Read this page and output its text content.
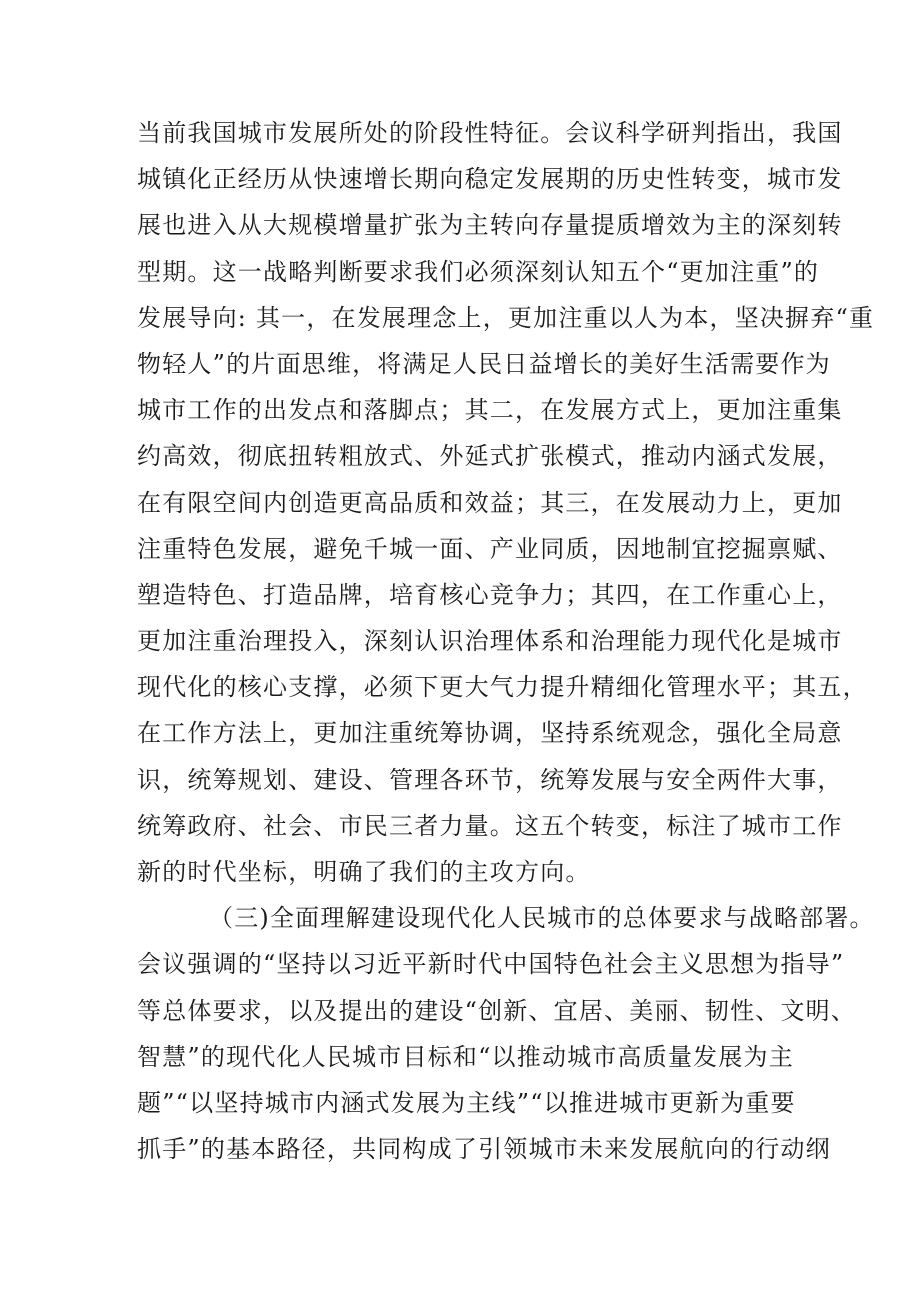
当前我国城市发展所处的阶段性特征。会议科学研判指出，我国
城镇化正经历从快速增长期向稳定发展期的历史性转变，城市发
展也进入从大规模增量扩张为主转向存量提质增效为主的深刻转
型期。这一战略判断要求我们必须深刻认知五个“更加注重”的
发展导向: 其一，在发展理念上，更加注重以人为本，坚决摒弃“重
物轻人”的片面思维，将满足人民日益增长的美好生活需要作为
城市工作的出发点和落脚点；其二，在发展方式上，更加注重集
约高效，彻底扭转粗放式、外延式扩张模式，推动内涵式发展，
在有限空间内创造更高品质和效益；其三，在发展动力上，更加
注重特色发展，避免千城一面、产业同质，因地制宜挖掘禀赋、
塑造特色、打造品牌，培育核心竞争力；其四，在工作重心上，
更加注重治理投入，深刻认识治理体系和治理能力现代化是城市
现代化的核心支撑，必须下更大气力提升精细化管理水平；其五，
在工作方法上，更加注重统筹协调，坚持系统观念，强化全局意
识，统筹规划、建设、管理各环节，统筹发展与安全两件大事，
统筹政府、社会、市民三者力量。这五个转变，标注了城市工作
新的时代坐标，明确了我们的主攻方向。
（三)全面理解建设现代化人民城市的总体要求与战略部署。
会议强调的“坚持以习近平新时代中国特色社会主义思想为指导”
等总体要求，以及提出的建设“创新、宜居、美丽、韧性、文明、
智慧”的现代化人民城市目标和“以推动城市高质量发展为主
题”“以坚持城市内涵式发展为主线”“以推进城市更新为重要
抓手”的基本路径，共同构成了引领城市未来发展航向的行动纲
